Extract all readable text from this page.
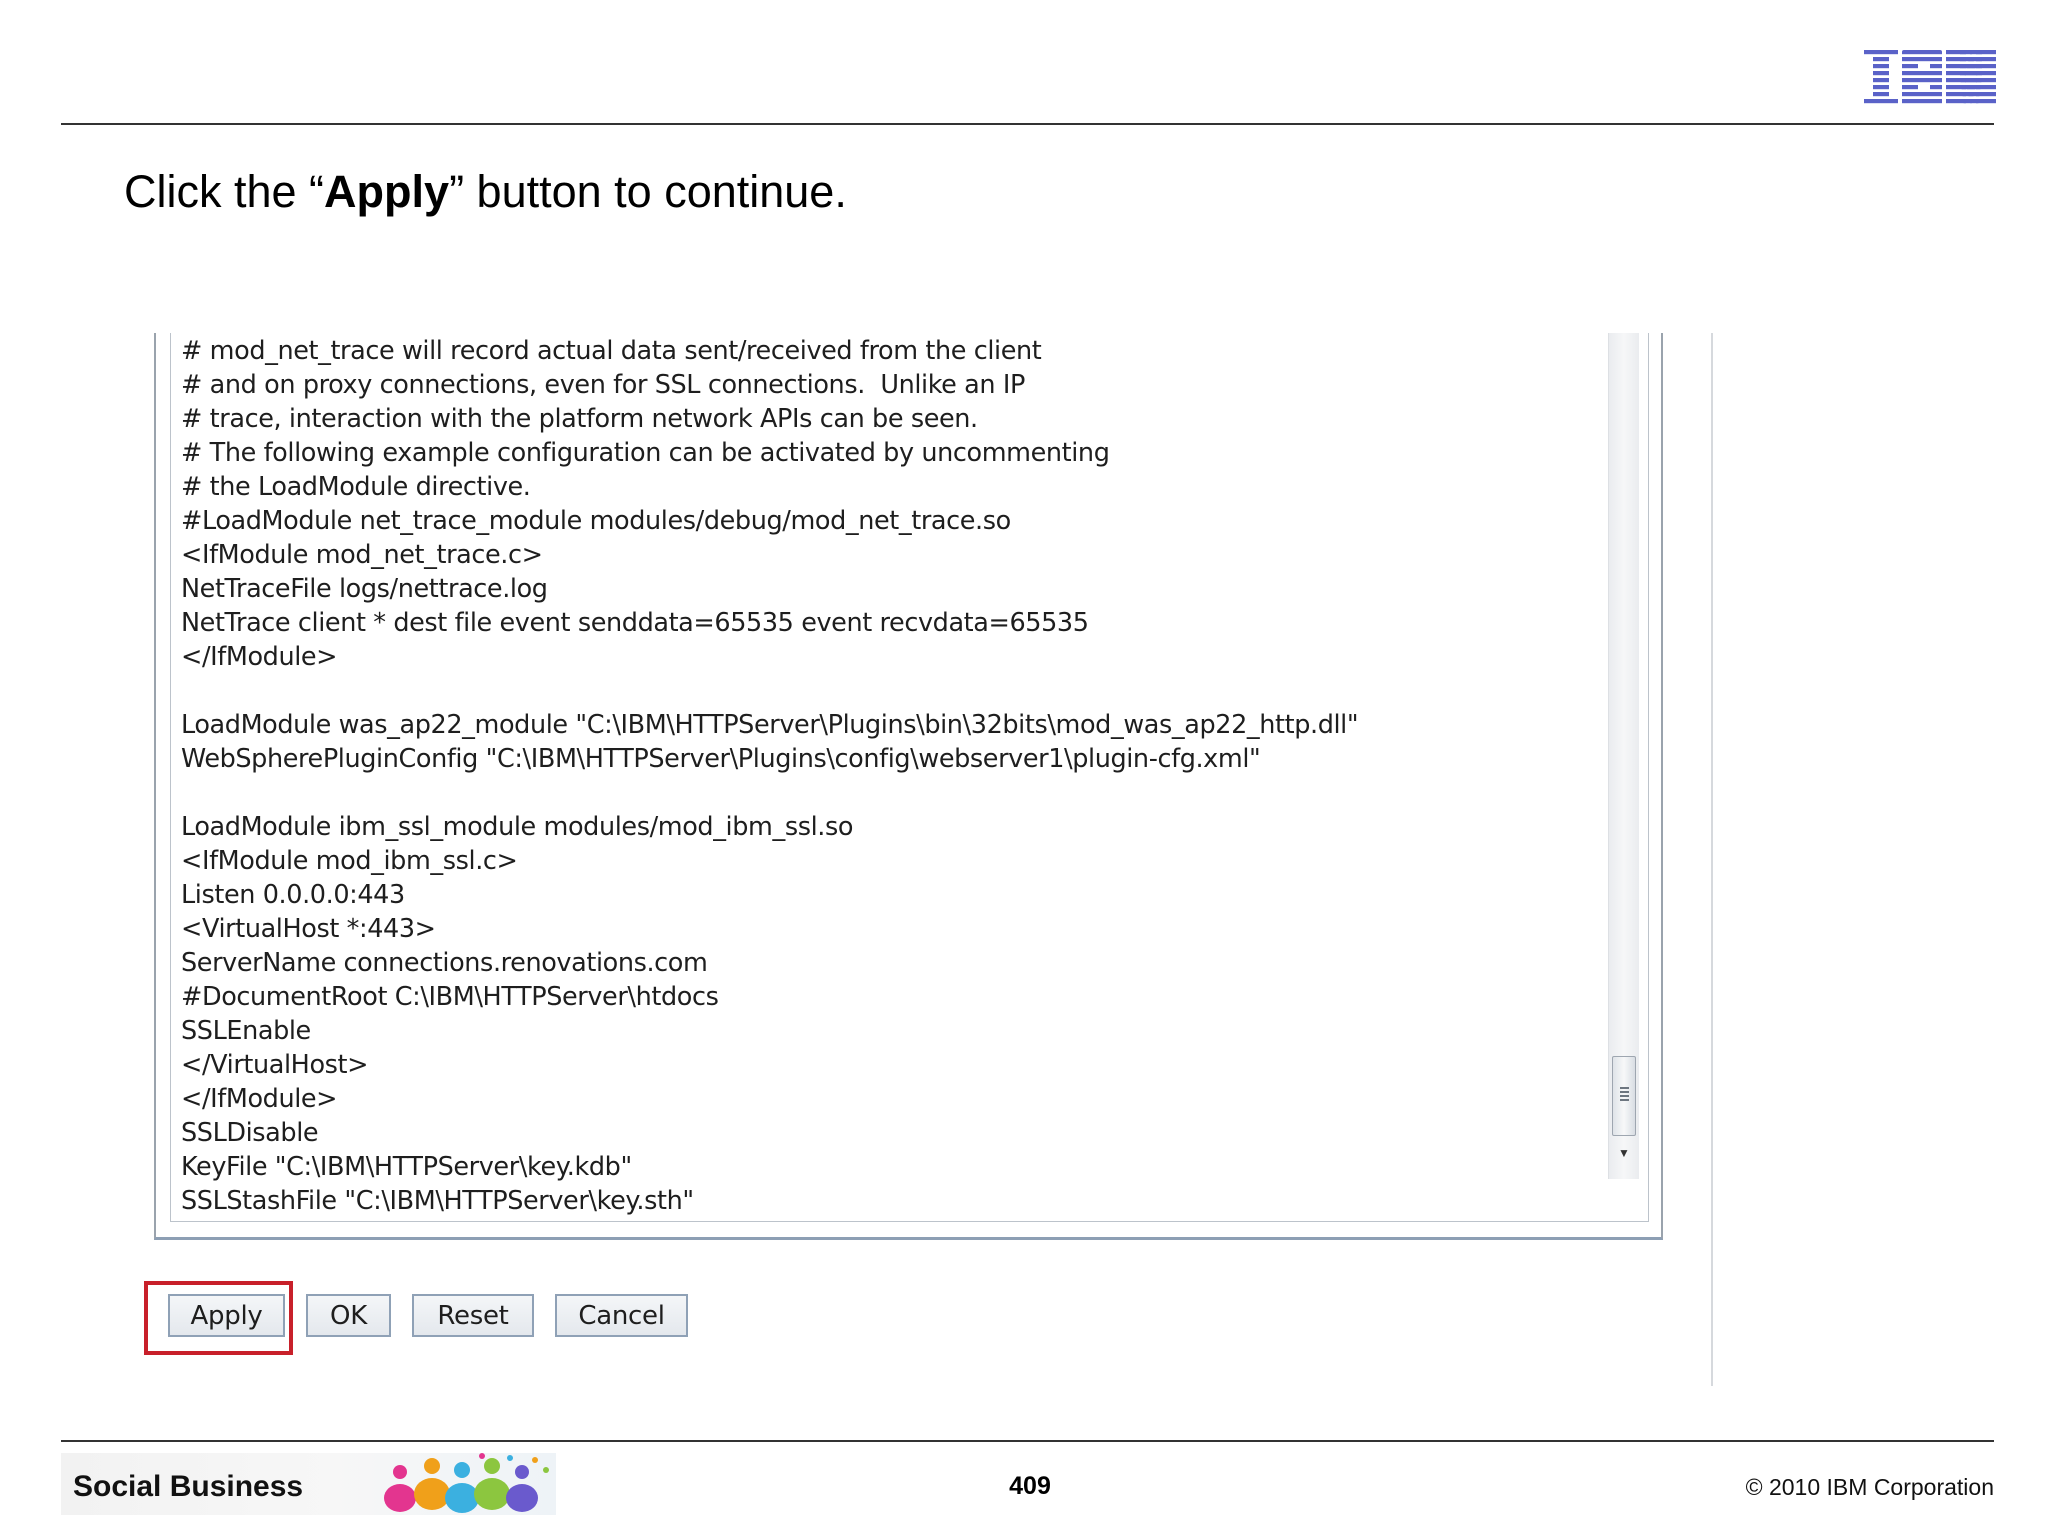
Click the “Apply” button to continue.
# mod_net_trace will record actual data sent/received from the client
# and on proxy connections, even for SSL connections.  Unlike an IP
# trace, interaction with the platform network APIs can be seen.
# The following example configuration can be activated by uncommenting
# the LoadModule directive.
#LoadModule net_trace_module modules/debug/mod_net_trace.so
<IfModule mod_net_trace.c>
NetTraceFile logs/nettrace.log
NetTrace client * dest file event senddata=65535 event recvdata=65535
</IfModule>

LoadModule was_ap22_module "C:\IBM\HTTPServer\Plugins\bin\32bits\mod_was_ap22_http.dll"
WebSpherePluginConfig "C:\IBM\HTTPServer\Plugins\config\webserver1\plugin-cfg.xml"

LoadModule ibm_ssl_module modules/mod_ibm_ssl.so
<IfModule mod_ibm_ssl.c>
Listen 0.0.0.0:443
<VirtualHost *:443>
ServerName connections.renovations.com
#DocumentRoot C:\IBM\HTTPServer\htdocs
SSLEnable
</VirtualHost>
</IfModule>
SSLDisable
KeyFile "C:\IBM\HTTPServer\key.kdb"
SSLStashFile "C:\IBM\HTTPServer\key.sth"
▼
Apply	OK	Reset	Cancel
Social Business	409	© 2010 IBM Corporation
